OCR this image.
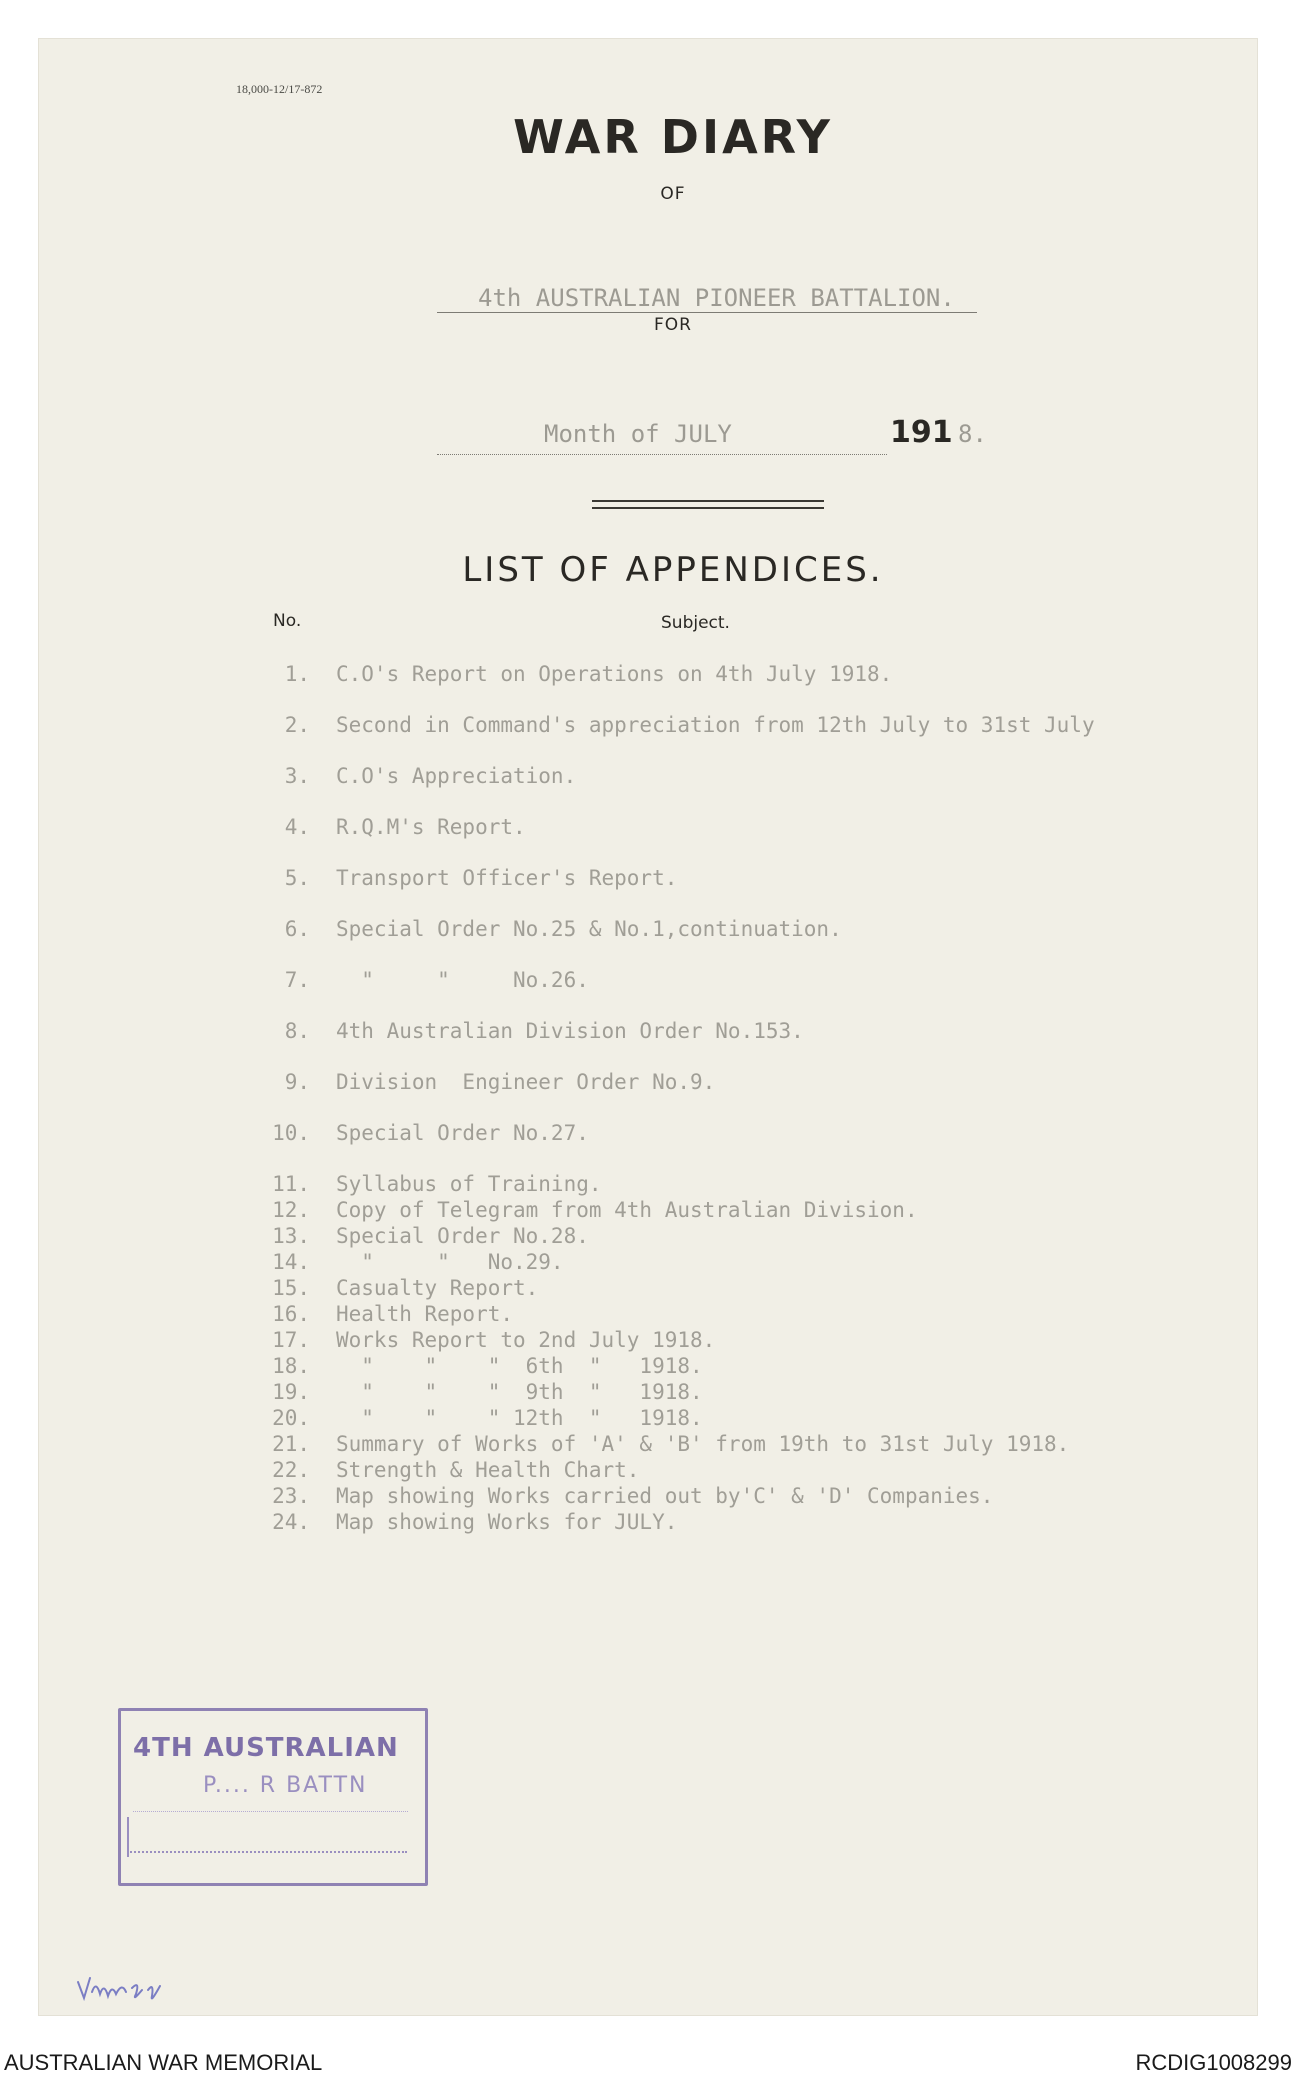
18,000-12/17-872
WAR DIARY
OF
4th AUSTRALIAN PIONEER BATTALION.
FOR
Month of JULY	191 8.
LIST OF APPENDICES.
No.	Subject.
1. C.O's Report on Operations on 4th July 1918.
2. Second in Command's appreciation from 12th July to 31st July
3. C.O's Appreciation.
4. R.Q.M's Report.
5. Transport Officer's Report.
6. Special Order No.25 & No.1,continuation.
7.  "     "     No.26.
8. 4th Australian Division Order No.153.
9. Division  Engineer Order No.9.
10. Special Order No.27.
11. Syllabus of Training.
12. Copy of Telegram from 4th Australian Division.
13. Special Order No.28.
14.  "     "   No.29.
15. Casualty Report.
16. Health Report.
17. Works Report to 2nd July 1918.
18.  "    "    "  6th  "   1918.
19.  "    "    "  9th  "   1918.
20.  "    "    " 12th  "   1918.
21. Summary of Works of 'A' & 'B' from 19th to 31st July 1918.
22. Strength & Health Chart.
23. Map showing Works carried out by'C' & 'D' Companies.
24. Map showing Works for JULY.
4TH AUSTRALIAN
P.... R BATTN
AUSTRALIAN WAR MEMORIAL	RCDIG1008299
